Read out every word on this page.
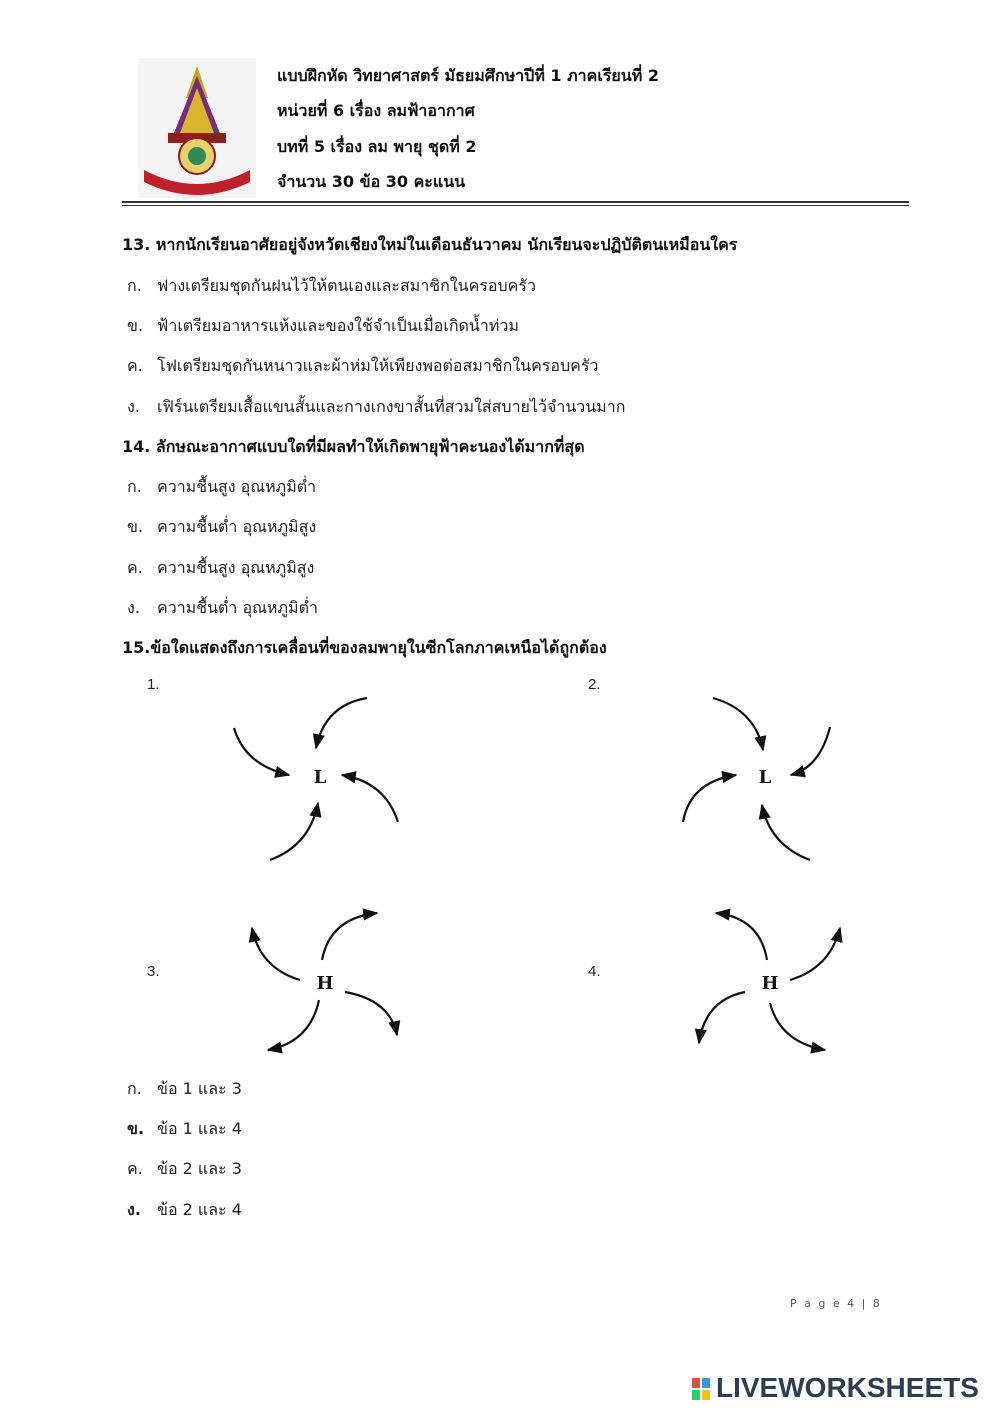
แบบฝึกหัด วิทยาศาสตร์ มัธยมศึกษาปีที่ 1 ภาคเรียนที่ 2
หน่วยที่ 6 เรื่อง ลมฟ้าอากาศ
บทที่ 5 เรื่อง ลม พายุ ชุดที่ 2
จำนวน 30 ข้อ 30 คะแนน
13. หากนักเรียนอาศัยอยู่จังหวัดเชียงใหม่ในเดือนธันวาคม นักเรียนจะปฏิบัติตนเหมือนใคร
ก. ฟางเตรียมชุดกันฝนไว้ให้ตนเองและสมาชิกในครอบครัว
ข. ฟ้าเตรียมอาหารแห้งและของใช้จำเป็นเมื่อเกิดน้ำท่วม
ค. โฟเตรียมชุดกันหนาวและผ้าห่มให้เพียงพอต่อสมาชิกในครอบครัว
ง. เฟิร์นเตรียมเสื้อแขนสั้นและกางเกงขาสั้นที่สวมใส่สบายไว้จำนวนมาก
14. ลักษณะอากาศแบบใดที่มีผลทำให้เกิดพายุฟ้าคะนองได้มากที่สุด
ก. ความชื้นสูง อุณหภูมิต่ำ
ข. ความชื้นต่ำ อุณหภูมิสูง
ค. ความชื้นสูง อุณหภูมิสูง
ง. ความชื้นต่ำ อุณหภูมิต่ำ
15.ข้อใดแสดงถึงการเคลื่อนที่ของลมพายุในซีกโลกภาคเหนือได้ถูกต้อง
1.	2.
3.	4.
L	L
H	H
ก. ข้อ 1 และ 3
ข. ข้อ 1 และ 4
ค. ข้อ 2 และ 3
ง. ข้อ 2 และ 4
P a g e 4 | 8
LIVEWORKSHEETS
